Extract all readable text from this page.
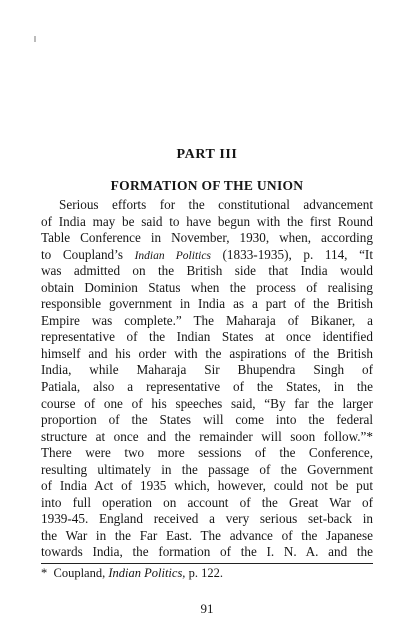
PART III
FORMATION OF THE UNION
Serious efforts for the constitutional advancement
of India may be said to have begun with the first Round
Table Conference in November, 1930, when, according
to Coupland’s Indian Politics (1833-1935), p. 114, “It
was admitted on the British side that India would
obtain Dominion Status when the process of realising
responsible government in India as a part of the British
Empire was complete.” The Maharaja of Bikaner, a
representative of the Indian States at once identified
himself and his order with the aspirations of the British
India, while Maharaja Sir Bhupendra Singh of
Patiala, also a representative of the States, in the
course of one of his speeches said, “By far the larger
proportion of the States will come into the federal
structure at once and the remainder will soon follow.”*
There were two more sessions of the Conference,
resulting ultimately in the passage of the Government
of India Act of 1935 which, however, could not be put
into full operation on account of the Great War of
1939-45. England received a very serious set-back in
the War in the Far East. The advance of the Japanese
towards India, the formation of the I. N. A. and the

* Coupland, Indian Politics, p. 122.

91
